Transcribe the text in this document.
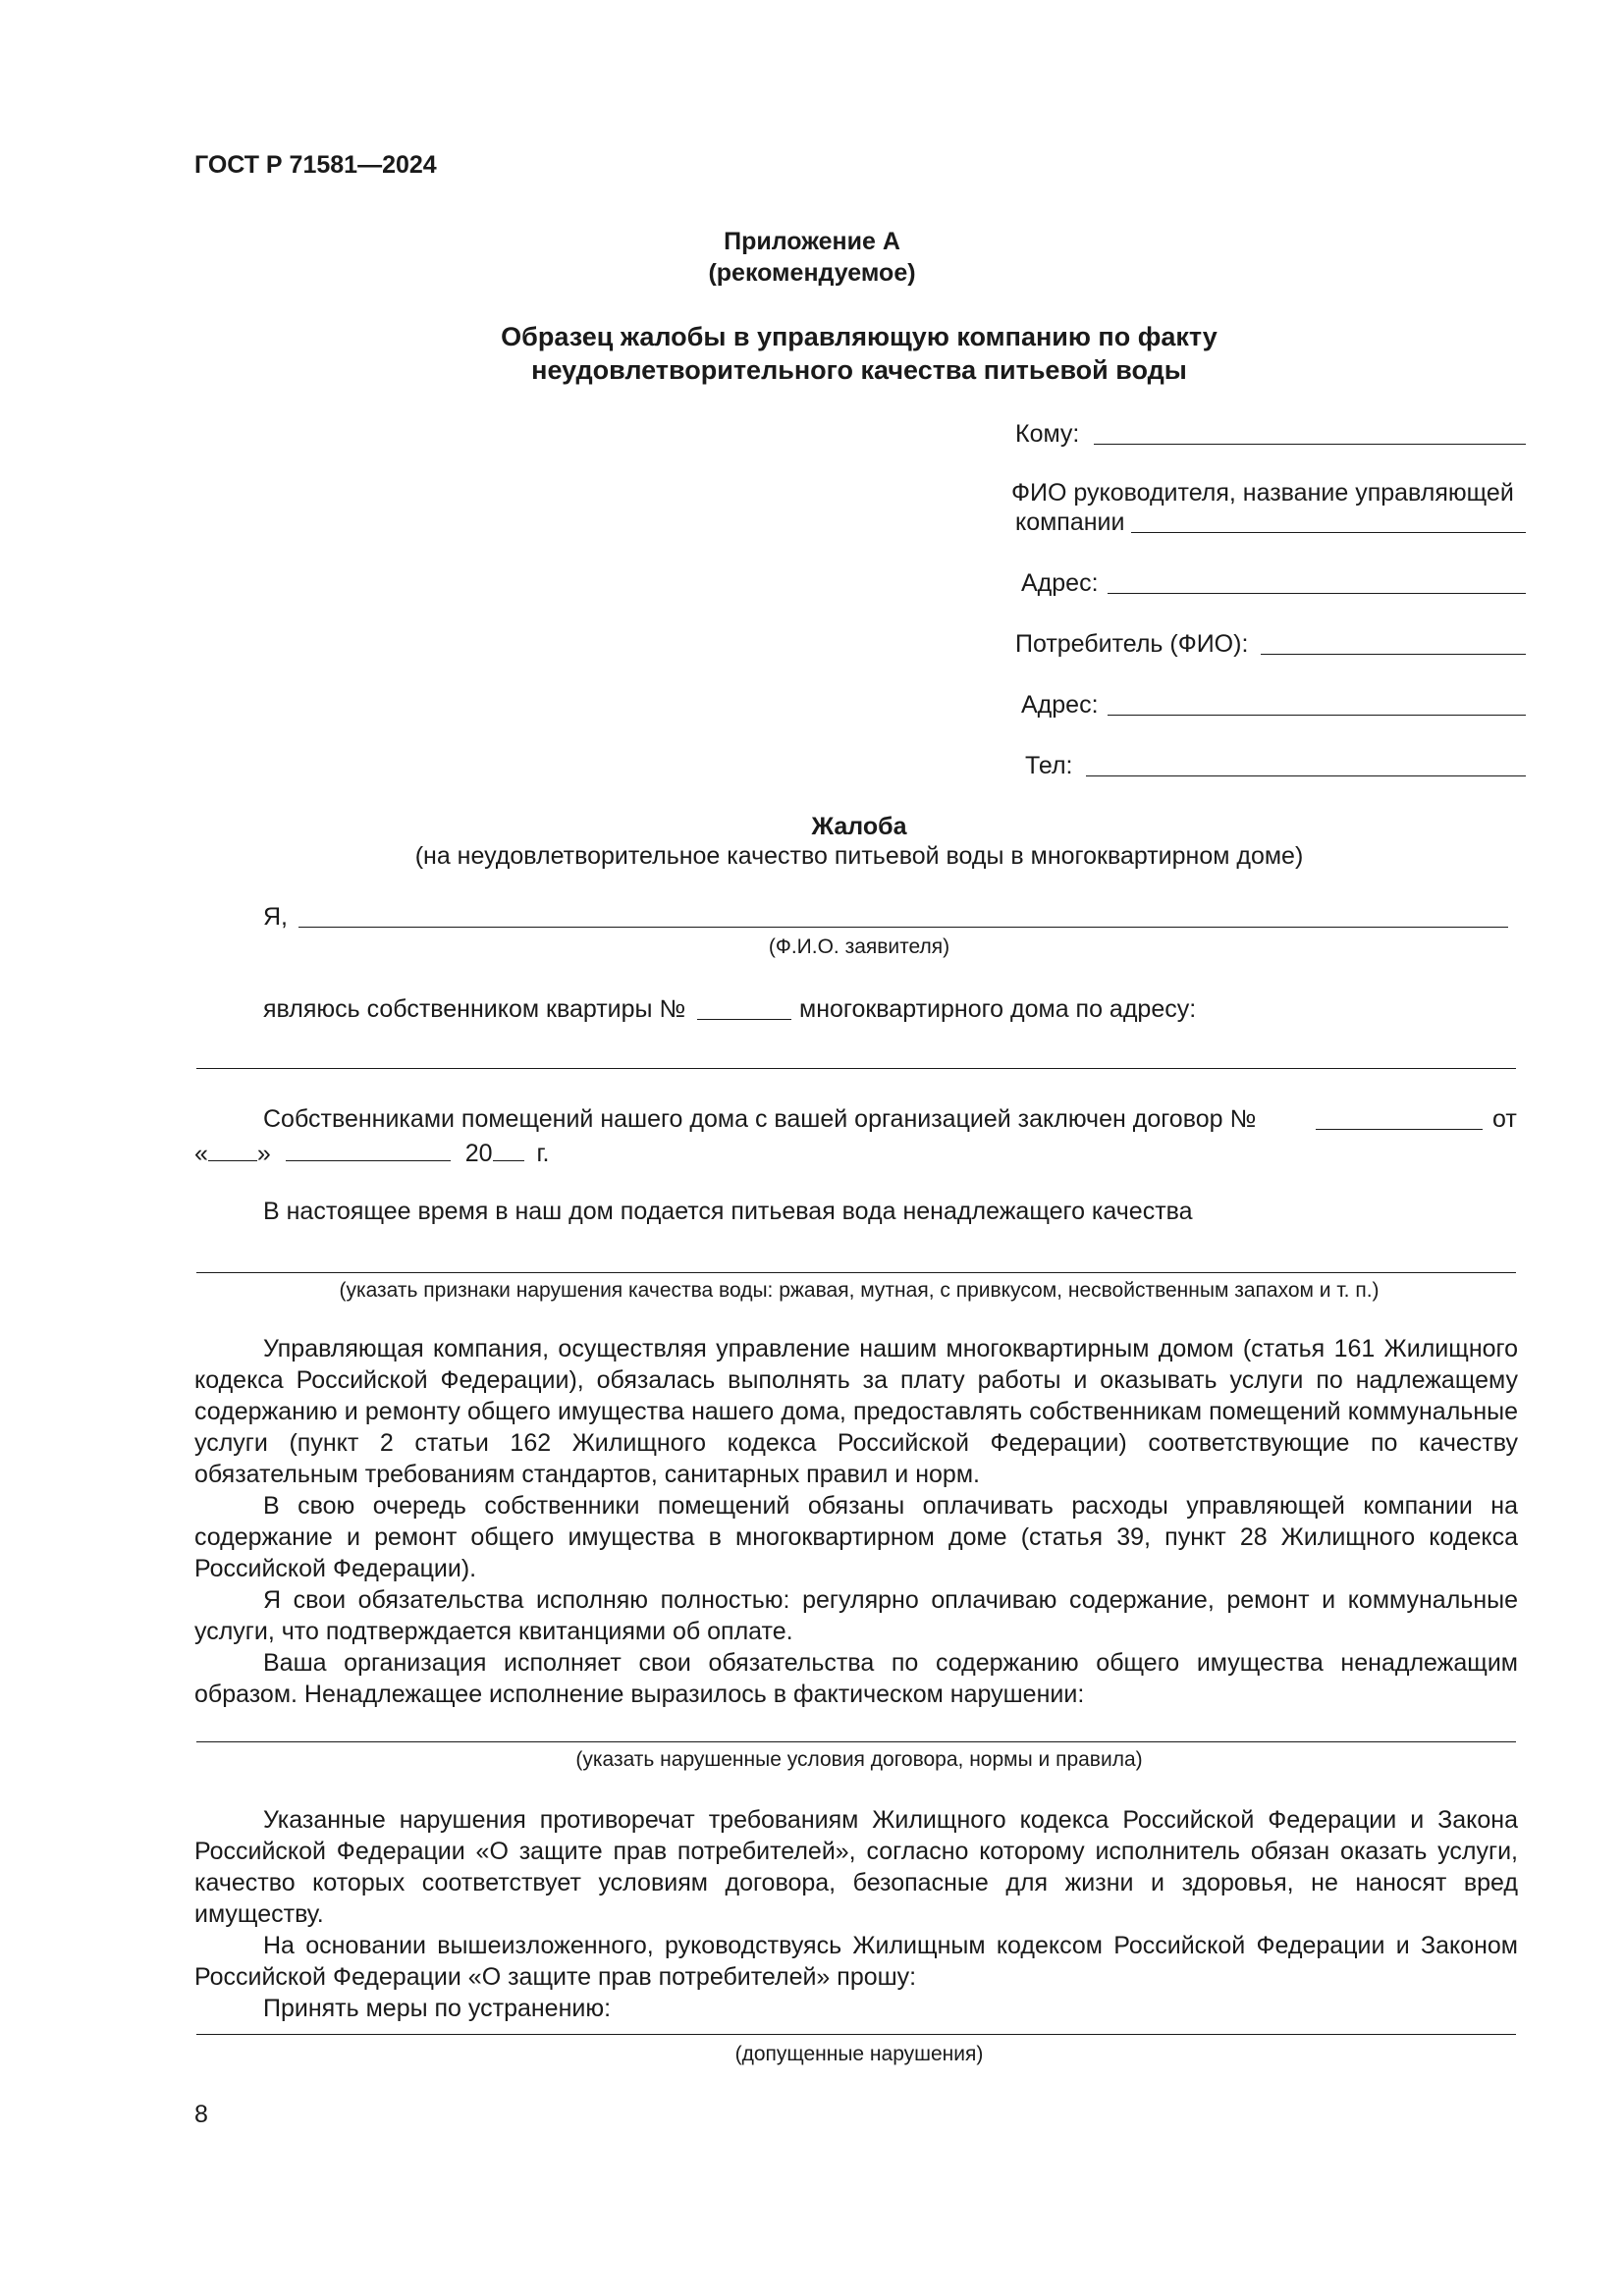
ГОСТ Р 71581—2024
Приложение А
(рекомендуемое)
Образец жалобы в управляющую компанию по факту
неудовлетворительного качества питьевой воды
Кому:
ФИО руководителя, название управляющей
компании
Адрес:
Потребитель (ФИО):
Адрес:
Тел:
Жалоба
(на неудовлетворительное качество питьевой воды в многоквартирном доме)
Я,
(Ф.И.О. заявителя)
являюсь собственником квартиры №	многоквартирного дома по адресу:
Собственниками помещений нашего дома с вашей организацией заключен договор №	от
« »	20 г.
В настоящее время в наш дом подается питьевая вода ненадлежащего качества
(указать признаки нарушения качества воды: ржавая, мутная, с привкусом, несвойственным запахом и т. п.)

Управляющая компания, осуществляя управление нашим многоквартирным домом (статья 161 Жилищного кодекса Российской Федерации), обязалась выполнять за плату работы и оказывать услуги по надлежащему содержанию и ремонту общего имущества нашего дома, предоставлять собственникам помещений коммунальные услуги (пункт 2 статьи 162 Жилищного кодекса Российской Федерации) соответствующие по качеству обязательным требованиям стандартов, санитарных правил и норм.

В свою очередь собственники помещений обязаны оплачивать расходы управляющей компании на содержание и ремонт общего имущества в многоквартирном доме (статья 39, пункт 28 Жилищного кодекса Российской Федерации).

Я свои обязательства исполняю полностью: регулярно оплачиваю содержание, ремонт и коммунальные услуги, что подтверждается квитанциями об оплате.

Ваша организация исполняет свои обязательства по содержанию общего имущества ненадлежащим образом. Ненадлежащее исполнение выразилось в фактическом нарушении:

(указать нарушенные условия договора, нормы и правила)

Указанные нарушения противоречат требованиям Жилищного кодекса Российской Федерации и Закона Российской Федерации «О защите прав потребителей», согласно которому исполнитель обязан оказать услуги, качество которых соответствует условиям договора, безопасные для жизни и здоровья, не наносят вред имуществу.

На основании вышеизложенного, руководствуясь Жилищным кодексом Российской Федерации и Законом Российской Федерации «О защите прав потребителей» прошу:

Принять меры по устранению:

(допущенные нарушения)
8
